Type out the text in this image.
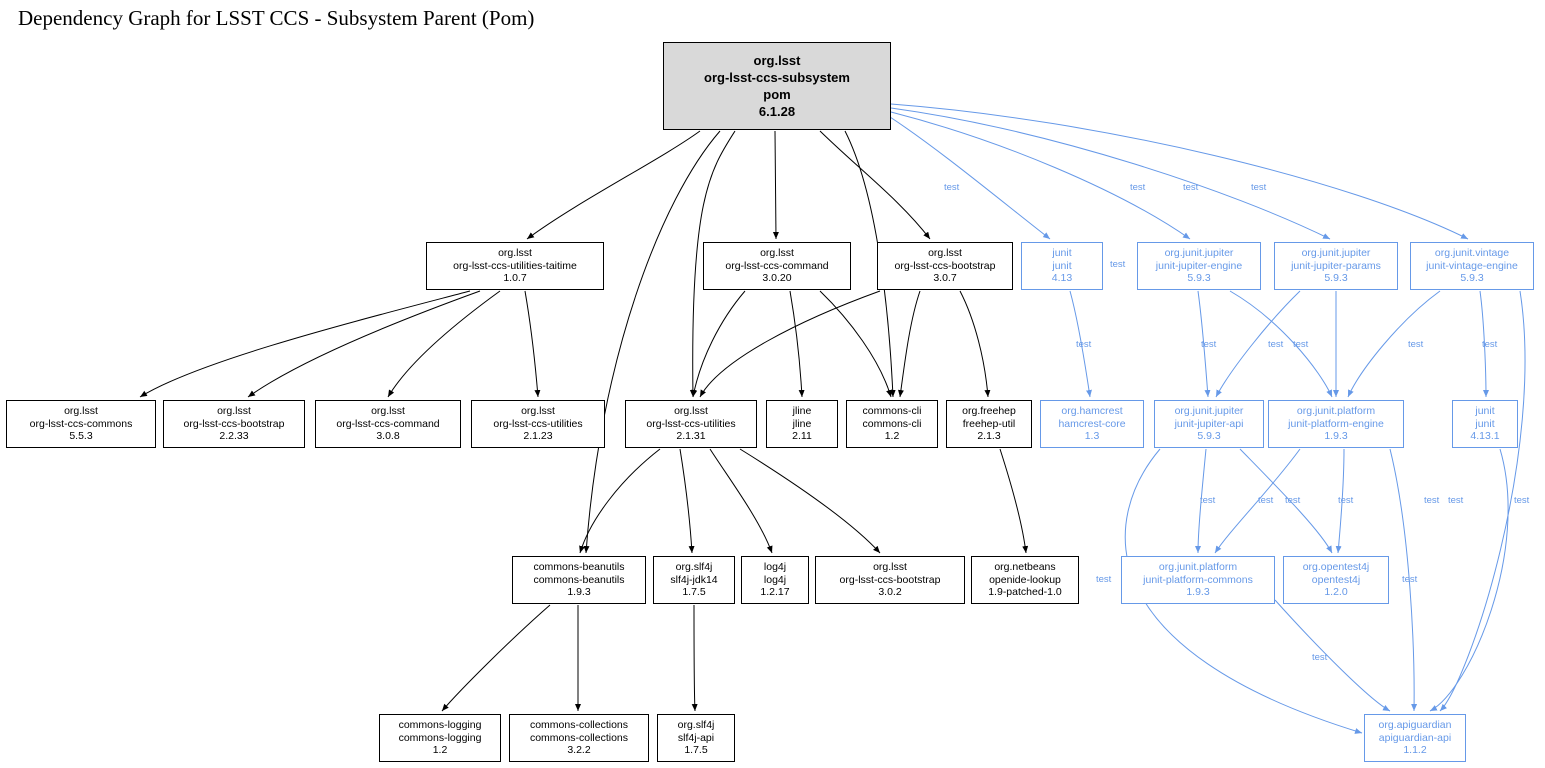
Dependency Graph for LSST CCS - Subsystem Parent (Pom)
org.lsst
org-lsst-ccs-subsystem
pom
6.1.28
org.lsst
org-lsst-ccs-utilities-taitime
1.0.7
org.lsst
org-lsst-ccs-command
3.0.20
org.lsst
org-lsst-ccs-bootstrap
3.0.7
junit
junit
4.13
org.junit.jupiter
junit-jupiter-engine
5.9.3
org.junit.jupiter
junit-jupiter-params
5.9.3
org.junit.vintage
junit-vintage-engine
5.9.3
org.lsst
org-lsst-ccs-commons
5.5.3
org.lsst
org-lsst-ccs-bootstrap
2.2.33
org.lsst
org-lsst-ccs-command
3.0.8
org.lsst
org-lsst-ccs-utilities
2.1.23
org.lsst
org-lsst-ccs-utilities
2.1.31
jline
jline
2.11
commons-cli
commons-cli
1.2
org.freehep
freehep-util
2.1.3
org.hamcrest
hamcrest-core
1.3
org.junit.jupiter
junit-jupiter-api
5.9.3
org.junit.platform
junit-platform-engine
1.9.3
junit
junit
4.13.1
commons-beanutils
commons-beanutils
1.9.3
org.slf4j
slf4j-jdk14
1.7.5
log4j
log4j
1.2.17
org.lsst
org-lsst-ccs-bootstrap
3.0.2
org.netbeans
openide-lookup
1.9-patched-1.0
org.junit.platform
junit-platform-commons
1.9.3
org.opentest4j
opentest4j
1.2.0
commons-logging
commons-logging
1.2
commons-collections
commons-collections
3.2.2
org.slf4j
slf4j-api
1.7.5
org.apiguardian
apiguardian-api
1.1.2
test	test	test	test
test
test	test	test test	test	test
test	test test	test	test test	test
test	test
test
